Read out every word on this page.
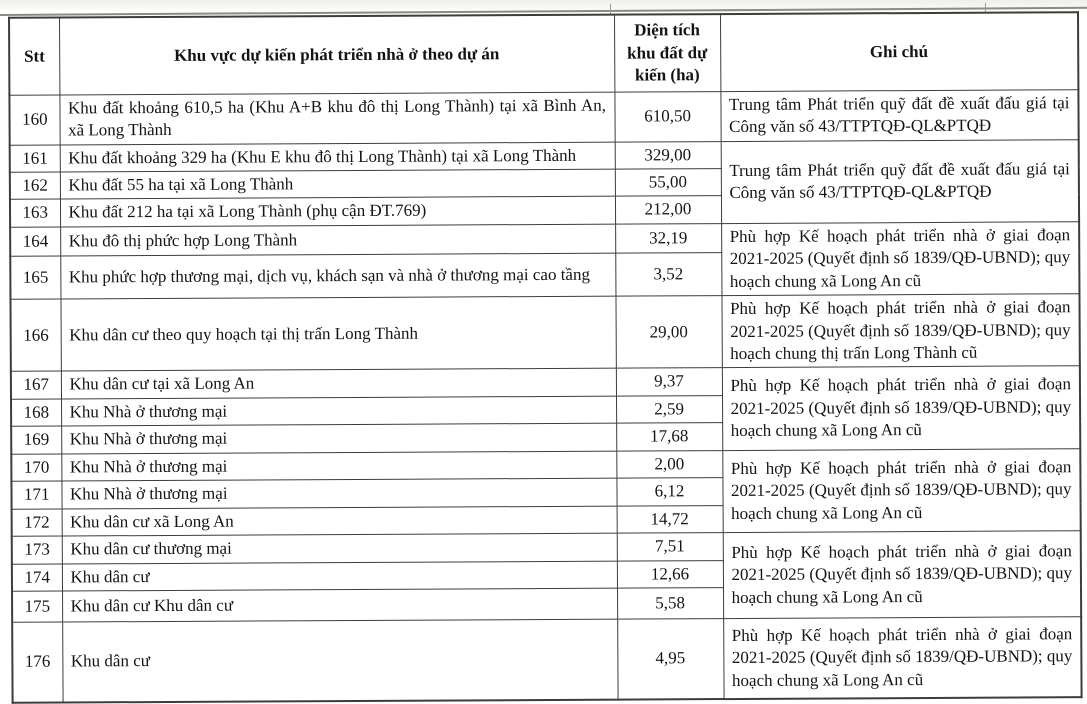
Stt	Khu vực dự kiến phát triển nhà ở theo dự án	Diện tích khu đất dự kiến (ha)	Ghi chú
160	Khu đất khoảng 610,5 ha (Khu A+B khu đô thị Long Thành) tại xã Bình An, xã Long Thành	610,50	Trung tâm Phát triển quỹ đất đề xuất đấu giá tại Công văn số 43/TTPTQĐ-QL&PTQĐ
161	Khu đất khoảng 329 ha (Khu E khu đô thị Long Thành) tại xã Long Thành	329,00	Trung tâm Phát triển quỹ đất đề xuất đấu giá tại Công văn số 43/TTPTQĐ-QL&PTQĐ
162	Khu đất 55 ha tại xã Long Thành	55,00	
163	Khu đất 212 ha tại xã Long Thành (phụ cận ĐT.769)	212,00	
164	Khu đô thị phức hợp Long Thành	32,19	Phù hợp Kế hoạch phát triển nhà ở giai đoạn 2021-2025 (Quyết định số 1839/QĐ-UBND); quy hoạch chung xã Long An cũ
165	Khu phức hợp thương mại, dịch vụ, khách sạn và nhà ở thương mại cao tầng	3,52	
166	Khu dân cư theo quy hoạch tại thị trấn Long Thành	29,00	Phù hợp Kế hoạch phát triển nhà ở giai đoạn 2021-2025 (Quyết định số 1839/QĐ-UBND); quy hoạch chung thị trấn Long Thành cũ
167	Khu dân cư tại xã Long An	9,37	Phù hợp Kế hoạch phát triển nhà ở giai đoạn 2021-2025 (Quyết định số 1839/QĐ-UBND); quy hoạch chung xã Long An cũ
168	Khu Nhà ở thương mại	2,59	
169	Khu Nhà ở thương mại	17,68	
170	Khu Nhà ở thương mại	2,00	Phù hợp Kế hoạch phát triển nhà ở giai đoạn 2021-2025 (Quyết định số 1839/QĐ-UBND); quy hoạch chung xã Long An cũ
171	Khu Nhà ở thương mại	6,12	
172	Khu dân cư xã Long An	14,72	
173	Khu dân cư thương mại	7,51	Phù hợp Kế hoạch phát triển nhà ở giai đoạn 2021-2025 (Quyết định số 1839/QĐ-UBND); quy hoạch chung xã Long An cũ
174	Khu dân cư	12,66	
175	Khu dân cư Khu dân cư	5,58	
176	Khu dân cư	4,95	Phù hợp Kế hoạch phát triển nhà ở giai đoạn 2021-2025 (Quyết định số 1839/QĐ-UBND); quy hoạch chung xã Long An cũ
